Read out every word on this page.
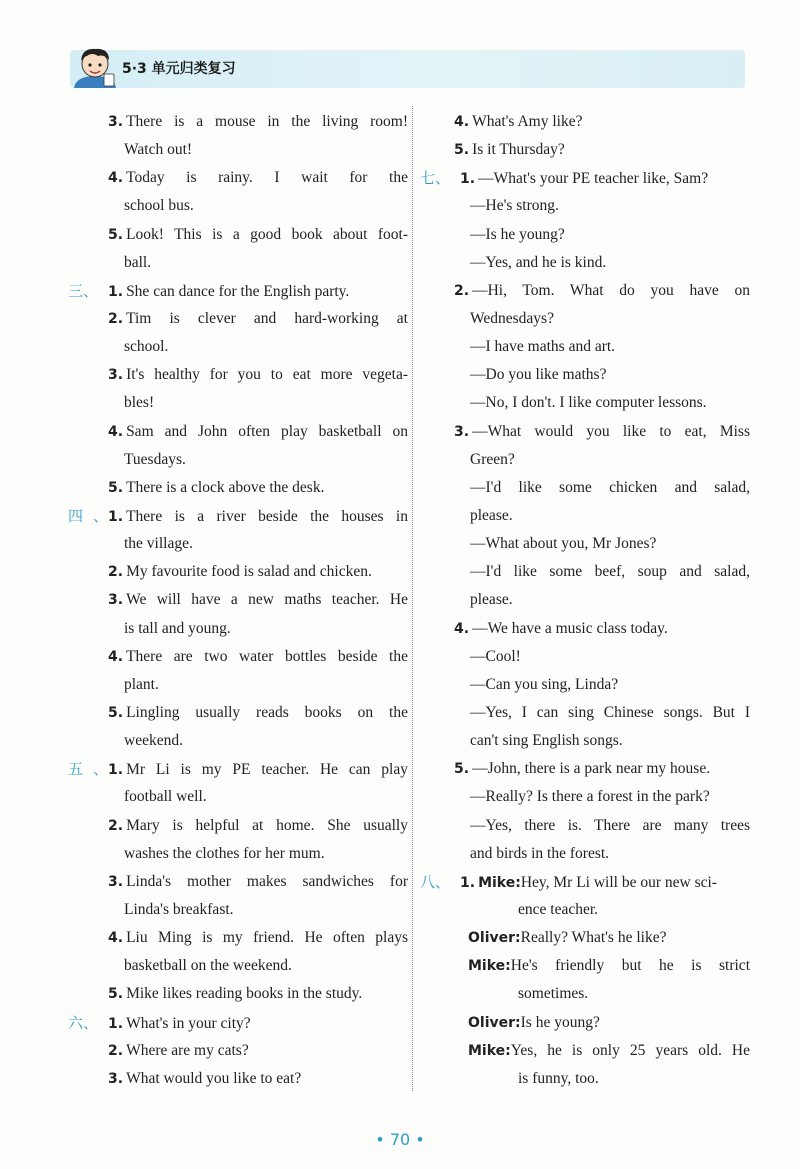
5·3 单元归类复习
3. There is a mouse in the living room!
Watch out!
4. Today is rainy. I wait for the
school bus.
5. Look! This is a good book about foot-
ball.
三、 1. She can dance for the English party.
2. Tim is clever and hard-working at
school.
3. It's healthy for you to eat more vegeta-
bles!
4. Sam and John often play basketball on
Tuesdays.
5. There is a clock above the desk.
四、1. There is a river beside the houses in
the village.
2. My favourite food is salad and chicken.
3. We will have a new maths teacher. He
is tall and young.
4. There are two water bottles beside the
plant.
5. Lingling usually reads books on the
weekend.
五、1. Mr Li is my PE teacher. He can play
football well.
2. Mary is helpful at home. She usually
washes the clothes for her mum.
3. Linda's mother makes sandwiches for
Linda's breakfast.
4. Liu Ming is my friend. He often plays
basketball on the weekend.
5. Mike likes reading books in the study.
六、 1. What's in your city?
2. Where are my cats?
3. What would you like to eat?
4. What's Amy like?
5. Is it Thursday?
七、 1. —What's your PE teacher like, Sam?
—He's strong.
—Is he young?
—Yes, and he is kind.
2. —Hi, Tom. What do you have on
Wednesdays?
—I have maths and art.
—Do you like maths?
—No, I don't. I like computer lessons.
3. —What would you like to eat, Miss
Green?
—I'd like some chicken and salad,
please.
—What about you, Mr Jones?
—I'd like some beef, soup and salad,
please.
4. —We have a music class today.
—Cool!
—Can you sing, Linda?
—Yes, I can sing Chinese songs. But I
can't sing English songs.
5. —John, there is a park near my house.
—Really? Is there a forest in the park?
—Yes, there is. There are many trees
and birds in the forest.
八、 1. Mike:Hey, Mr Li will be our new sci-
ence teacher.
Oliver:Really? What's he like?
Mike:He's friendly but he is strict
sometimes.
Oliver:Is he young?
Mike:Yes, he is only 25 years old. He
is funny, too.
• 70 •
